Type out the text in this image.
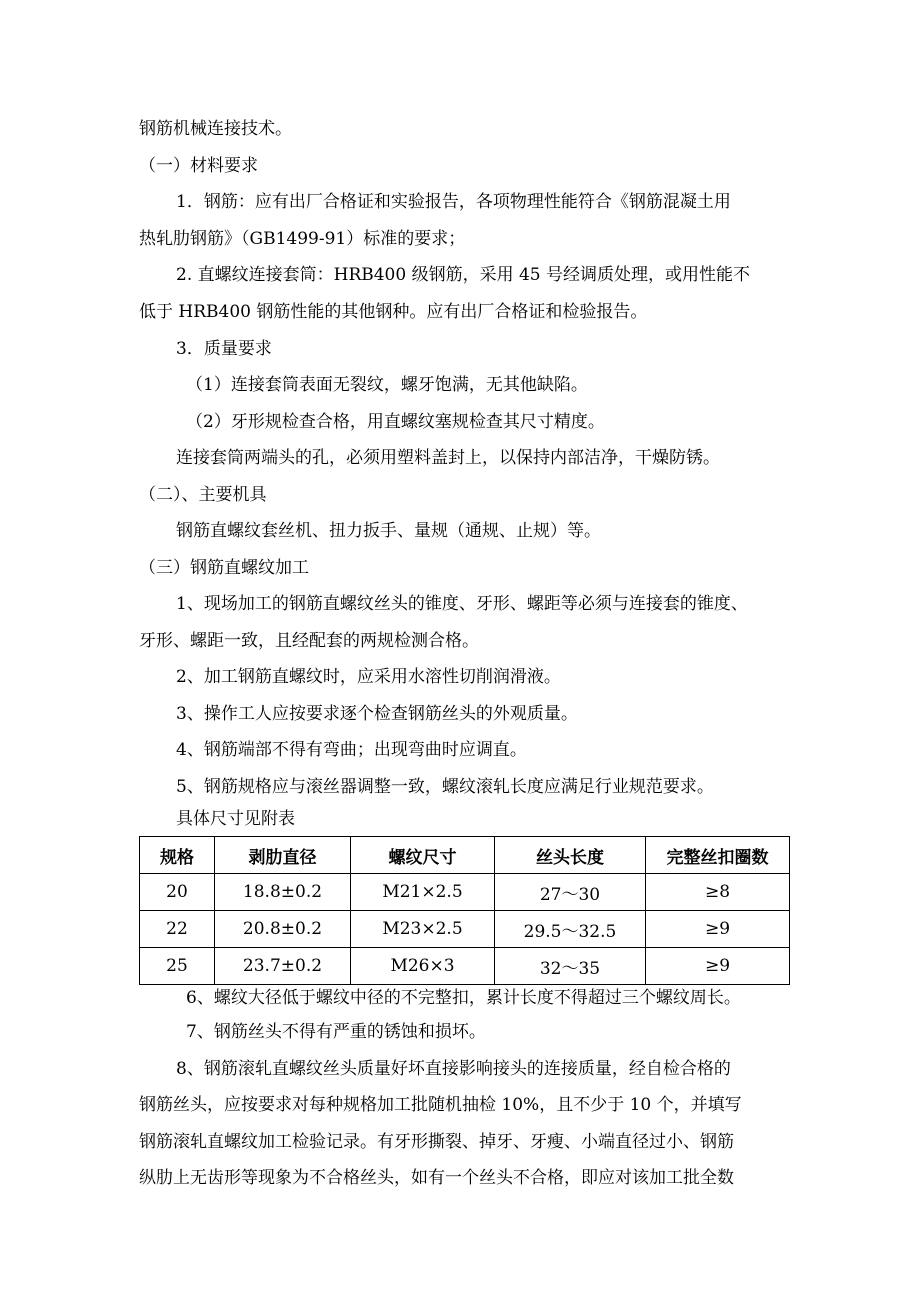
钢筋机械连接技术。
（一）材料要求
1．钢筋：应有出厂合格证和实验报告，各项物理性能符合《钢筋混凝土用
热轧肋钢筋》（GB1499-91）标准的要求；
2. 直螺纹连接套筒：HRB400 级钢筋，采用 45 号经调质处理，或用性能不
低于 HRB400 钢筋性能的其他钢种。应有出厂合格证和检验报告。
3．质量要求
（1）连接套筒表面无裂纹，螺牙饱满，无其他缺陷。
（2）牙形规检查合格，用直螺纹塞规检查其尺寸精度。
连接套筒两端头的孔，必须用塑料盖封上，以保持内部洁净，干燥防锈。
（二）、主要机具
钢筋直螺纹套丝机、扭力扳手、量规（通规、止规）等。
（三）钢筋直螺纹加工
1、现场加工的钢筋直螺纹丝头的锥度、牙形、螺距等必须与连接套的锥度、
牙形、螺距一致，且经配套的两规检测合格。
2、加工钢筋直螺纹时，应采用水溶性切削润滑液。
3、操作工人应按要求逐个检查钢筋丝头的外观质量。
4、钢筋端部不得有弯曲；出现弯曲时应调直。
5、钢筋规格应与滚丝器调整一致，螺纹滚轧长度应满足行业规范要求。
具体尺寸见附表
规格	剥肋直径	螺纹尺寸	丝头长度	完整丝扣圈数
20	18.8±0.2	M21×2.5	27～30	≥8
22	20.8±0.2	M23×2.5	29.5～32.5	≥9
25	23.7±0.2	M26×3	32～35	≥9
6、螺纹大径低于螺纹中径的不完整扣，累计长度不得超过三个螺纹周长。
7、钢筋丝头不得有严重的锈蚀和损坏。
8、钢筋滚轧直螺纹丝头质量好坏直接影响接头的连接质量，经自检合格的
钢筋丝头，应按要求对每种规格加工批随机抽检 10%，且不少于 10 个，并填写
钢筋滚轧直螺纹加工检验记录。有牙形撕裂、掉牙、牙瘦、小端直径过小、钢筋
纵肋上无齿形等现象为不合格丝头，如有一个丝头不合格，即应对该加工批全数
